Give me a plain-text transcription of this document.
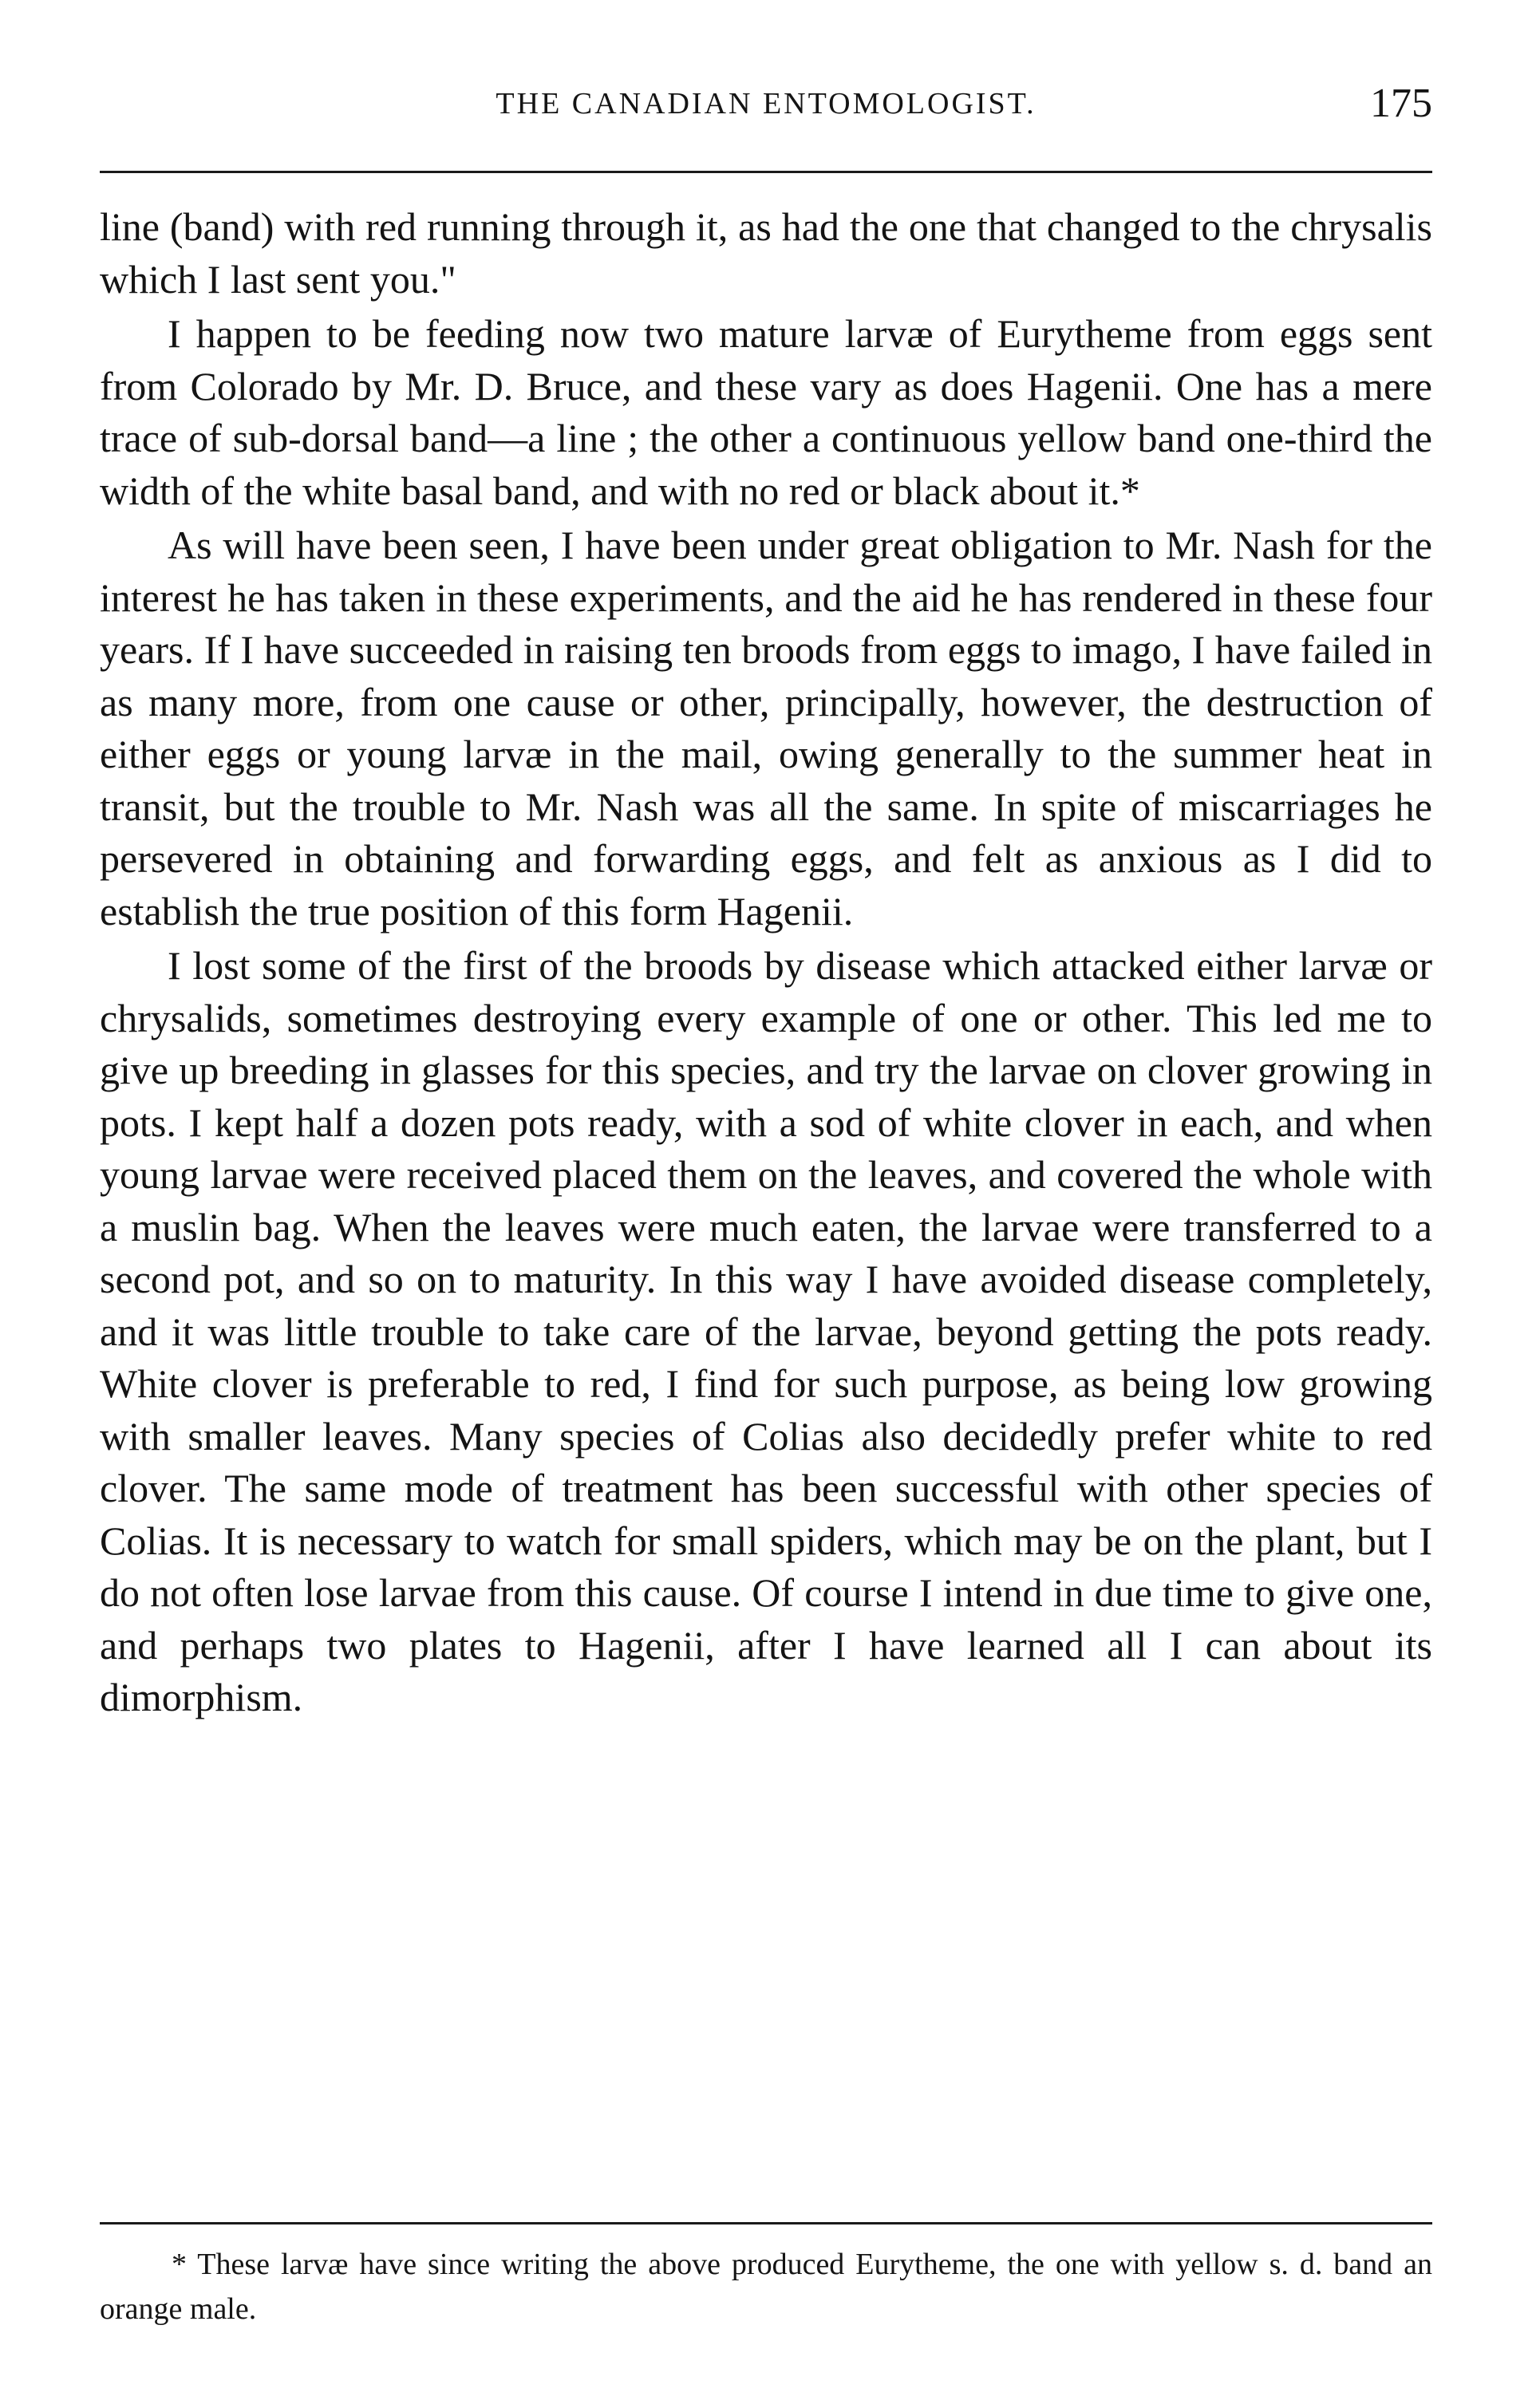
THE CANADIAN ENTOMOLOGIST.	175

line (band) with red running through it, as had the one that changed to the chrysalis which I last sent you."

I happen to be feeding now two mature larvæ of Eurytheme from eggs sent from Colorado by Mr. D. Bruce, and these vary as does Hagenii. One has a mere trace of sub-dorsal band—a line ; the other a continuous yellow band one-third the width of the white basal band, and with no red or black about it.*

As will have been seen, I have been under great obligation to Mr. Nash for the interest he has taken in these experiments, and the aid he has rendered in these four years. If I have succeeded in raising ten broods from eggs to imago, I have failed in as many more, from one cause or other, principally, however, the destruction of either eggs or young larvæ in the mail, owing generally to the summer heat in transit, but the trouble to Mr. Nash was all the same. In spite of miscarriages he persevered in obtaining and forwarding eggs, and felt as anxious as I did to establish the true position of this form Hagenii.

I lost some of the first of the broods by disease which attacked either larvæ or chrysalids, sometimes destroying every example of one or other. This led me to give up breeding in glasses for this species, and try the larvae on clover growing in pots. I kept half a dozen pots ready, with a sod of white clover in each, and when young larvae were received placed them on the leaves, and covered the whole with a muslin bag. When the leaves were much eaten, the larvae were transferred to a second pot, and so on to maturity. In this way I have avoided disease completely, and it was little trouble to take care of the larvae, beyond getting the pots ready. White clover is preferable to red, I find for such purpose, as being low growing with smaller leaves. Many species of Colias also decidedly prefer white to red clover. The same mode of treatment has been successful with other species of Colias. It is necessary to watch for small spiders, which may be on the plant, but I do not often lose larvae from this cause. Of course I intend in due time to give one, and perhaps two plates to Hagenii, after I have learned all I can about its dimorphism.

* These larvæ have since writing the above produced Eurytheme, the one with yellow s. d. band an orange male.
